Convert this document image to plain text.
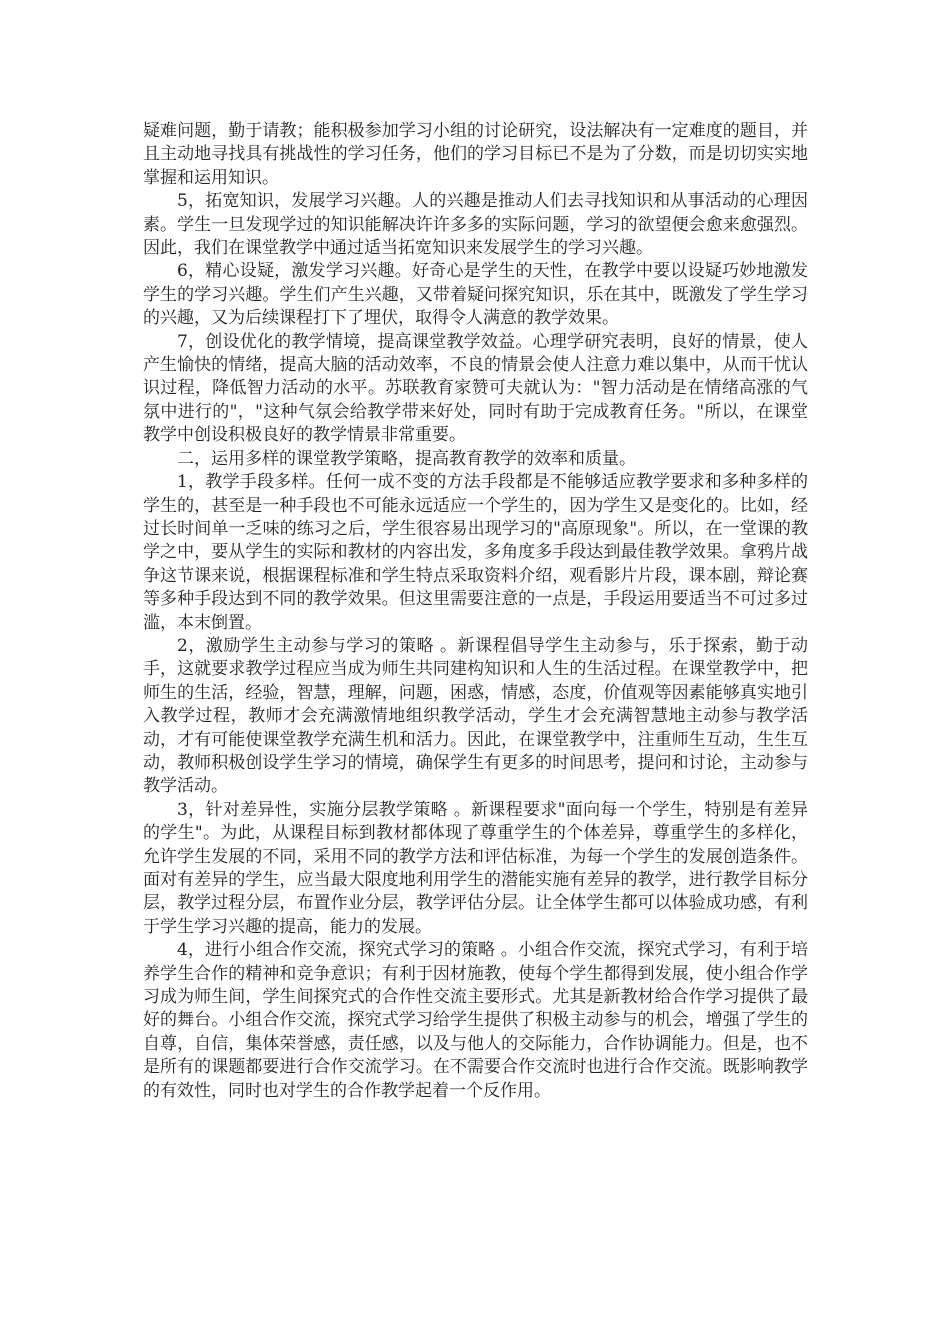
疑难问题，勤于请教；能积极参加学习小组的讨论研究，设法解决有一定难度的题目，并且主动地寻找具有挑战性的学习任务，他们的学习目标已不是为了分数，而是切切实实地掌握和运用知识。

5，拓宽知识，发展学习兴趣。人的兴趣是推动人们去寻找知识和从事活动的心理因素。学生一旦发现学过的知识能解决许许多多的实际问题，学习的欲望便会愈来愈强烈。因此，我们在课堂教学中通过适当拓宽知识来发展学生的学习兴趣。

6，精心设疑，激发学习兴趣。好奇心是学生的天性，在教学中要以设疑巧妙地激发学生的学习兴趣。学生们产生兴趣，又带着疑问探究知识，乐在其中，既激发了学生学习的兴趣，又为后续课程打下了埋伏，取得令人满意的教学效果。

7，创设优化的教学情境，提高课堂教学效益。心理学研究表明，良好的情景，使人产生愉快的情绪，提高大脑的活动效率，不良的情景会使人注意力难以集中，从而干忧认识过程，降低智力活动的水平。苏联教育家赞可夫就认为："智力活动是在情绪高涨的气氛中进行的"，"这种气氛会给教学带来好处，同时有助于完成教育任务。"所以，在课堂教学中创设积极良好的教学情景非常重要。

二，运用多样的课堂教学策略，提高教育教学的效率和质量。

1，教学手段多样。任何一成不变的方法手段都是不能够适应教学要求和多种多样的学生的，甚至是一种手段也不可能永远适应一个学生的，因为学生又是变化的。比如，经过长时间单一乏味的练习之后，学生很容易出现学习的"高原现象"。所以，在一堂课的教学之中，要从学生的实际和教材的内容出发，多角度多手段达到最佳教学效果。拿鸦片战争这节课来说，根据课程标准和学生特点采取资料介绍，观看影片片段，课本剧，辩论赛等多种手段达到不同的教学效果。但这里需要注意的一点是，手段运用要适当不可过多过滥，本末倒置。

2，激励学生主动参与学习的策略 。新课程倡导学生主动参与，乐于探索，勤于动手，这就要求教学过程应当成为师生共同建构知识和人生的生活过程。在课堂教学中，把师生的生活，经验，智慧，理解，问题，困惑，情感，态度，价值观等因素能够真实地引入教学过程，教师才会充满激情地组织教学活动，学生才会充满智慧地主动参与教学活动，才有可能使课堂教学充满生机和活力。因此，在课堂教学中，注重师生互动，生生互动，教师积极创设学生学习的情境，确保学生有更多的时间思考，提问和讨论，主动参与教学活动。

3，针对差异性，实施分层教学策略 。新课程要求"面向每一个学生，特别是有差异的学生"。为此，从课程目标到教材都体现了尊重学生的个体差异，尊重学生的多样化，允许学生发展的不同，采用不同的教学方法和评估标准，为每一个学生的发展创造条件。 面对有差异的学生，应当最大限度地利用学生的潜能实施有差异的教学，进行教学目标分层，教学过程分层，布置作业分层，教学评估分层。让全体学生都可以体验成功感，有利于学生学习兴趣的提高，能力的发展。

4，进行小组合作交流，探究式学习的策略 。小组合作交流，探究式学习，有利于培养学生合作的精神和竞争意识；有利于因材施教，使每个学生都得到发展，使小组合作学习成为师生间，学生间探究式的合作性交流主要形式。尤其是新教材给合作学习提供了最好的舞台。小组合作交流，探究式学习给学生提供了积极主动参与的机会，增强了学生的自尊，自信，集体荣誉感，责任感，以及与他人的交际能力，合作协调能力。但是，也不是所有的课题都要进行合作交流学习。在不需要合作交流时也进行合作交流。既影响教学的有效性，同时也对学生的合作教学起着一个反作用。
